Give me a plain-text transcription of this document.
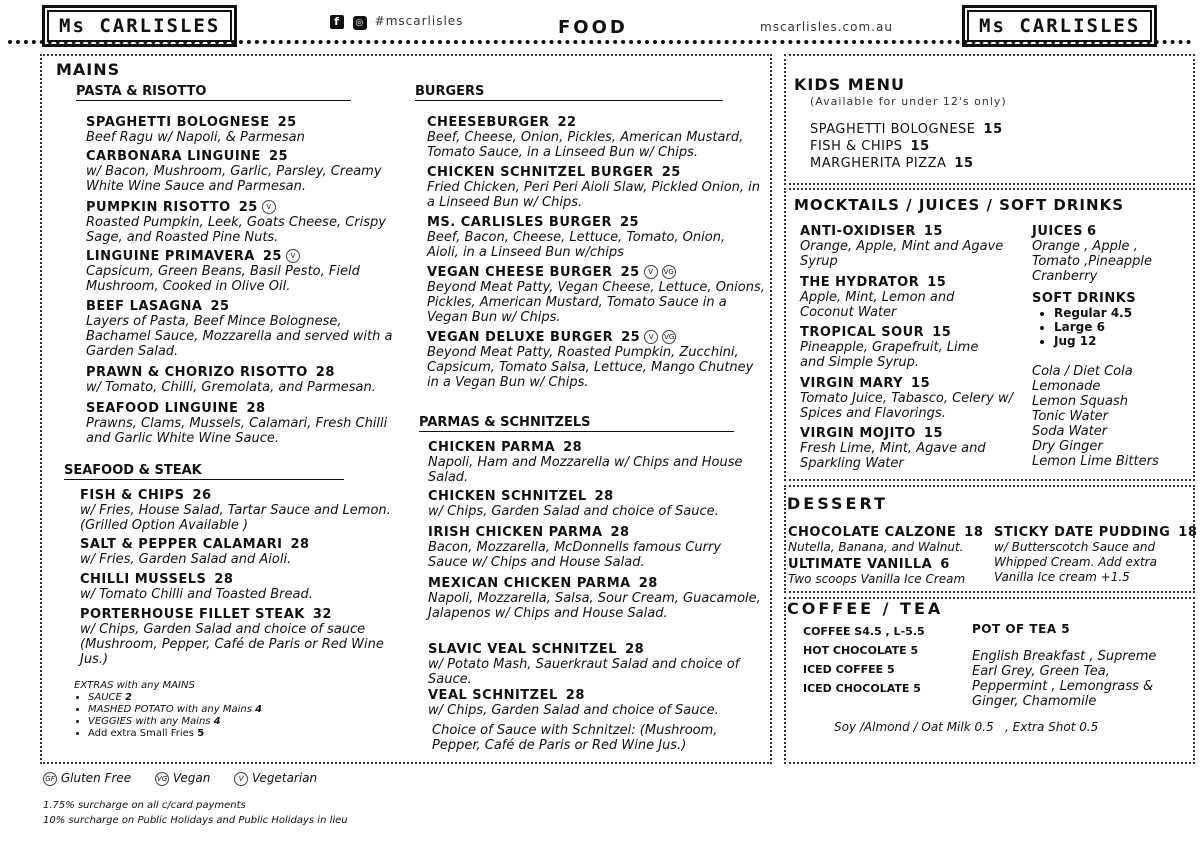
Ms CARLISLES	f ◎ #mscarlisles	FOOD	mscarlisles.com.au	Ms CARLISLES
MAINS
PASTA & RISOTTO
SPAGHETTI BOLOGNESE 25
Beef Ragu w/ Napoli, & Parmesan
CARBONARA LINGUINE 25
w/ Bacon, Mushroom, Garlic, Parsley, Creamy White Wine Sauce and Parmesan.
PUMPKIN RISOTTO 25 V
Roasted Pumpkin, Leek, Goats Cheese, Crispy Sage, and Roasted Pine Nuts.
LINGUINE PRIMAVERA 25 V
Capsicum, Green Beans, Basil Pesto, Field Mushroom, Cooked in Olive Oil.
BEEF LASAGNA 25
Layers of Pasta, Beef Mince Bolognese, Bachamel Sauce, Mozzarella and served with a Garden Salad.
PRAWN & CHORIZO RISOTTO 28
w/ Tomato, Chilli, Gremolata, and Parmesan.
SEAFOOD LINGUINE 28
Prawns, Clams, Mussels, Calamari, Fresh Chilli and Garlic White Wine Sauce.
SEAFOOD & STEAK
FISH & CHIPS 26
w/ Fries, House Salad, Tartar Sauce and Lemon. (Grilled Option Available )
SALT & PEPPER CALAMARI 28
w/ Fries, Garden Salad and Aioli.
CHILLI MUSSELS 28
w/ Tomato Chilli and Toasted Bread.
PORTERHOUSE FILLET STEAK 32
w/ Chips, Garden Salad and choice of sauce (Mushroom, Pepper, Café de Paris or Red Wine Jus.)
EXTRAS with any MAINS
• SAUCE 2
• MASHED POTATO with any Mains 4
• VEGGIES with any Mains 4
• Add extra Small Fries 5
BURGERS
CHEESEBURGER 22
Beef, Cheese, Onion, Pickles, American Mustard, Tomato Sauce, in a Linseed Bun w/ Chips.
CHICKEN SCHNITZEL BURGER 25
Fried Chicken, Peri Peri Aioli Slaw, Pickled Onion, in a Linseed Bun w/ Chips.
MS. CARLISLES BURGER 25
Beef, Bacon, Cheese, Lettuce, Tomato, Onion, Aioli, in a Linseed Bun w/chips
VEGAN CHEESE BURGER 25 V VG
Beyond Meat Patty, Vegan Cheese, Lettuce, Onions, Pickles, American Mustard, Tomato Sauce in a Vegan Bun w/ Chips.
VEGAN DELUXE BURGER 25 V VG
Beyond Meat Patty, Roasted Pumpkin, Zucchini, Capsicum, Tomato Salsa, Lettuce, Mango Chutney in a Vegan Bun w/ Chips.
PARMAS & SCHNITZELS
CHICKEN PARMA 28
Napoli, Ham and Mozzarella w/ Chips and House Salad.
CHICKEN SCHNITZEL 28
w/ Chips, Garden Salad and choice of Sauce.
IRISH CHICKEN PARMA 28
Bacon, Mozzarella, McDonnells famous Curry Sauce w/ Chips and House Salad.
MEXICAN CHICKEN PARMA 28
Napoli, Mozzarella, Salsa, Sour Cream, Guacamole, Jalapenos w/ Chips and House Salad.
SLAVIC VEAL SCHNITZEL 28
w/ Potato Mash, Sauerkraut Salad and choice of Sauce.
VEAL SCHNITZEL 28
w/ Chips, Garden Salad and choice of Sauce.
Choice of Sauce with Schnitzel: (Mushroom, Pepper, Café de Paris or Red Wine Jus.)
KIDS MENU
(Available for under 12's only)
SPAGHETTI BOLOGNESE 15
FISH & CHIPS 15
MARGHERITA PIZZA 15
MOCKTAILS / JUICES / SOFT DRINKS
ANTI-OXIDISER 15
Orange, Apple, Mint and Agave Syrup
THE HYDRATOR 15
Apple, Mint, Lemon and Coconut Water
TROPICAL SOUR 15
Pineapple, Grapefruit, Lime and Simple Syrup.
VIRGIN MARY 15
Tomato Juice, Tabasco, Celery w/ Spices and Flavorings.
VIRGIN MOJITO 15
Fresh Lime, Mint, Agave and Sparkling Water
JUICES 6
Orange , Apple , Tomato ,Pineapple Cranberry
SOFT DRINKS
• Regular 4.5
• Large 6
• Jug 12
Cola / Diet Cola
Lemonade
Lemon Squash
Tonic Water
Soda Water
Dry Ginger
Lemon Lime Bitters
DESSERT
CHOCOLATE CALZONE 18
Nutella, Banana, and Walnut.
ULTIMATE VANILLA 6
Two scoops Vanilla Ice Cream
STICKY DATE PUDDING 18
w/ Butterscotch Sauce and Whipped Cream. Add extra Vanilla Ice cream +1.5
COFFEE / TEA
COFFEE S4.5 , L-5.5
HOT CHOCOLATE 5
ICED COFFEE 5
ICED CHOCOLATE 5
POT OF TEA 5
English Breakfast , Supreme Earl Grey, Green Tea, Peppermint , Lemongrass & Ginger, Chamomile
Soy /Almond / Oat Milk 0.5   , Extra Shot 0.5
GF Gluten Free	VG Vegan	V Vegetarian
1.75% surcharge on all c/card payments
10% surcharge on Public Holidays and Public Holidays in lieu
